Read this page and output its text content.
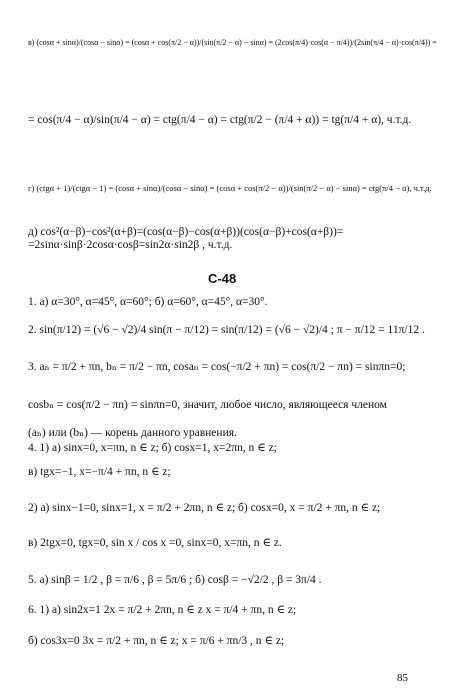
в) (cosα + sinα)/(cosα − sinα) = (cosα + cos(π/2 − α))/(sin(π/2 − α) − sinα) = (2cos(π/4)·cos(α − π/4))/(2sin(π/4 − α)·cos(π/4)) =
= cos(π/4 − α)/sin(π/4 − α) = ctg(π/4 − α) = ctg(π/2 − (π/4 + α)) = tg(π/4 + α), ч.т.д.
г) (ctgα + 1)/(ctgα − 1) = (cosα + sinα)/(cosα − sinα) = (cosα + cos(π/2 − α))/(sin(π/2 − α) − sinα) = ctg(π/4 − α), ч.т.д.
д) cos²(α−β)−cos²(α+β)=(cos(α−β)−cos(α+β))(cos(α−β)+cos(α+β))=
=2sinα·sinβ·2cosα·cosβ=sin2α·sin2β , ч.т.д.
С-48
1. а) α=30°, α=45°, α=60°; б) α=60°, α=45°, α=30°.
2. sin(π/12) = (√6 − √2)/4 sin(π − π/12) = sin(π/12) = (√6 − √2)/4 ; π − π/12 = 11π/12 .
3. aₙ = π/2 + πn, bₙ = π/2 − πn, cosaₙ = cos(−π/2 + πn) = cos(π/2 − πn) = sinπn=0;
cosbₙ = cos(π/2 − πn) = sinπn=0, значит, любое число, являющееся членом
(aₙ) или (bₙ) — корень данного уравнения.
4. 1) а) sinx=0, x=πn, n ∈ z; б) cosx=1, x=2πn, n ∈ z;
в) tgx=−1, x=−π/4 + πn, n ∈ z;
2) а) sinx−1=0, sinx=1, x = π/2 + 2πn, n ∈ z; б) cosx=0, x = π/2 + πn, n ∈ z;
в) 2tgx=0, tgx=0, sin x / cos x =0, sinx=0, x=πn, n ∈ z.
5. а) sinβ = 1/2 , β = π/6 , β = 5π/6 ; б) cosβ = −√2/2 , β = 3π/4 .
6. 1) а) sin2x=1 2x = π/2 + 2πn, n ∈ z x = π/4 + πn, n ∈ z;
б) cos3x=0 3x = π/2 + πn, n ∈ z; x = π/6 + πn/3 , n ∈ z;
85
